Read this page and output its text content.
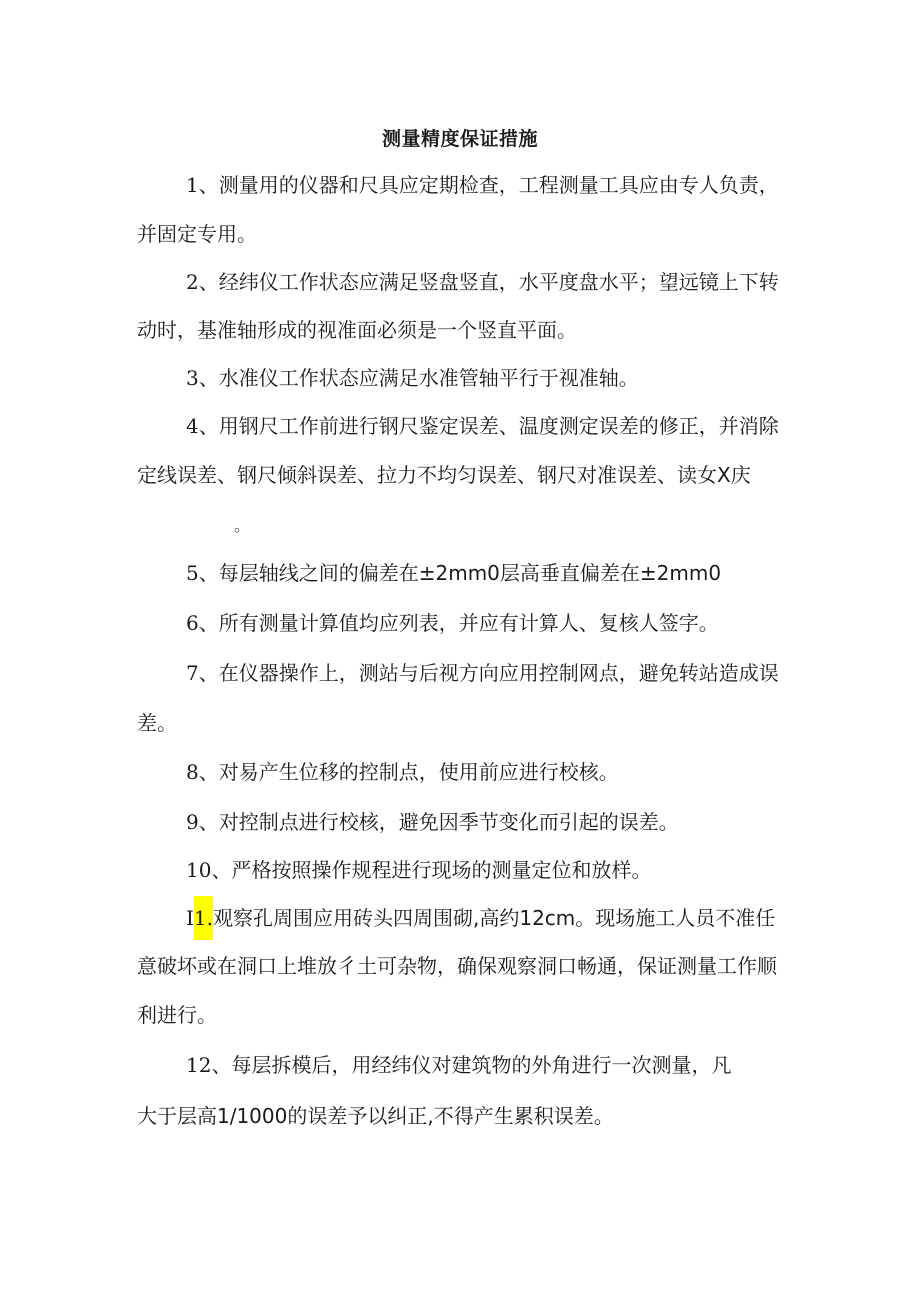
测量精度保证措施
1、测量用的仪器和尺具应定期检查，工程测量工具应由专人负责，
并固定专用。
2、经纬仪工作状态应满足竖盘竖直，水平度盘水平；望远镜上下转
动时，基准轴形成的视准面必须是一个竖直平面。
3、水准仪工作状态应满足水准管轴平行于视准轴。
4、用钢尺工作前进行钢尺鉴定误差、温度测定误差的修正，并消除
定线误差、钢尺倾斜误差、拉力不均匀误差、钢尺对准误差、读女X庆
。
5、每层轴线之间的偏差在±2mm0层高垂直偏差在±2mm0
6、所有测量计算值均应列表，并应有计算人、复核人签字。
7、在仪器操作上，测站与后视方向应用控制网点，避免转站造成误
差。
8、对易产生位移的控制点，使用前应进行校核。
9、对控制点进行校核，避免因季节变化而引起的误差。
10、严格按照操作规程进行现场的测量定位和放样。
I1.观察孔周围应用砖头四周围砌,高约12cm。现场施工人员不准任
意破坏或在洞口上堆放彳土可杂物，确保观察洞口畅通，保证测量工作顺
利进行。
12、每层拆模后，用经纬仪对建筑物的外角进行一次测量，凡
大于层高1/1000的误差予以纠正,不得产生累积误差。
